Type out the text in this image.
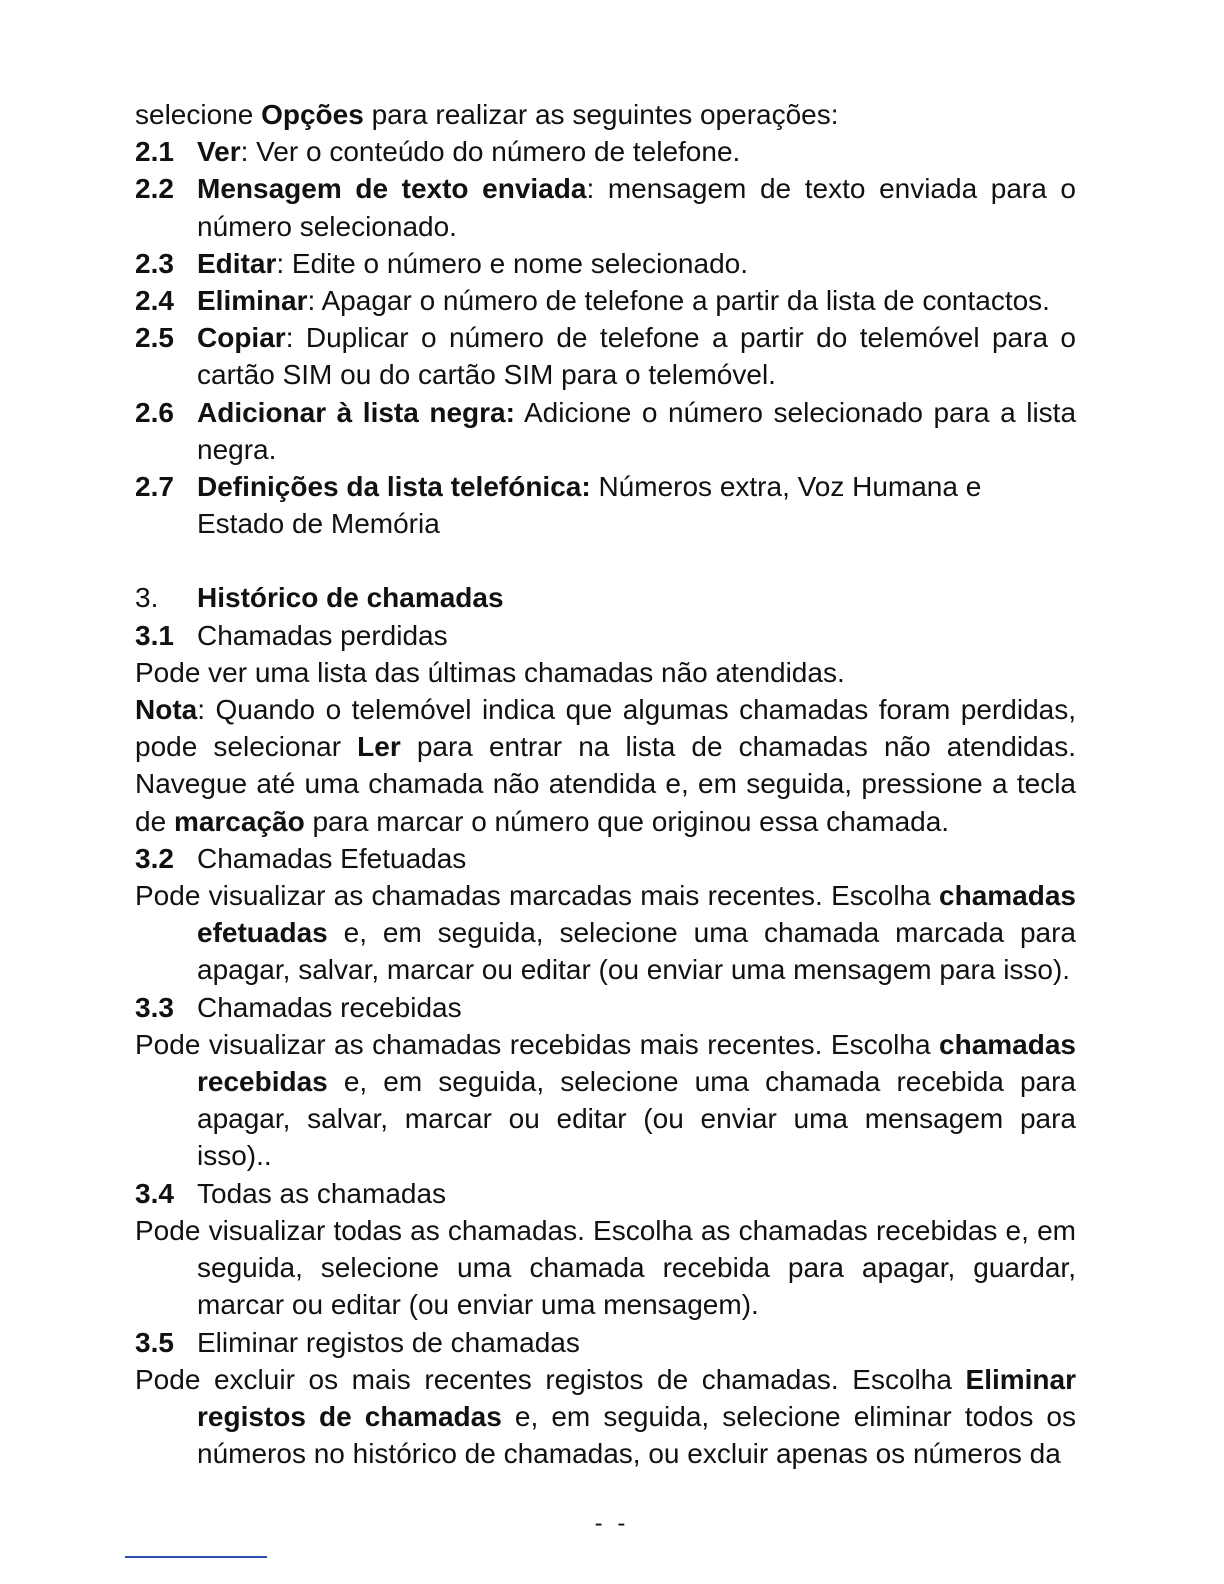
selecione Opções para realizar as seguintes operações:

2.1 Ver: Ver o conteúdo do número de telefone.
2.2 Mensagem de texto enviada: mensagem de texto enviada para o número selecionado.
2.3 Editar: Edite o número e nome selecionado.
2.4 Eliminar: Apagar o número de telefone a partir da lista de contactos.
2.5 Copiar: Duplicar o número de telefone a partir do telemóvel para o cartão SIM ou do cartão SIM para o telemóvel.
2.6 Adicionar à lista negra: Adicione o número selecionado para a lista negra.
2.7 Definições da lista telefónica: Números extra, Voz Humana e Estado de Memória
3.	Histórico de chamadas
3.1 Chamadas perdidas

Pode ver uma lista das últimas chamadas não atendidas.

Nota: Quando o telemóvel indica que algumas chamadas foram perdidas, pode selecionar Ler para entrar na lista de chamadas não atendidas. Navegue até uma chamada não atendida e, em seguida, pressione a tecla de marcação para marcar o número que originou essa chamada.

3.2 Chamadas Efetuadas

Pode visualizar as chamadas marcadas mais recentes. Escolha chamadas efetuadas e, em seguida, selecione uma chamada marcada para apagar, salvar, marcar ou editar (ou enviar uma mensagem para isso).

3.3 Chamadas recebidas

Pode visualizar as chamadas recebidas mais recentes. Escolha chamadas recebidas e, em seguida, selecione uma chamada recebida para apagar, salvar, marcar ou editar (ou enviar uma mensagem para isso)..

3.4 Todas as chamadas

Pode visualizar todas as chamadas. Escolha as chamadas recebidas e, em seguida, selecione uma chamada recebida para apagar, guardar, marcar ou editar (ou enviar uma mensagem).

3.5 Eliminar registos de chamadas

Pode excluir os mais recentes registos de chamadas. Escolha Eliminar registos de chamadas e, em seguida, selecione eliminar todos os números no histórico de chamadas, ou excluir apenas os números da

- -
